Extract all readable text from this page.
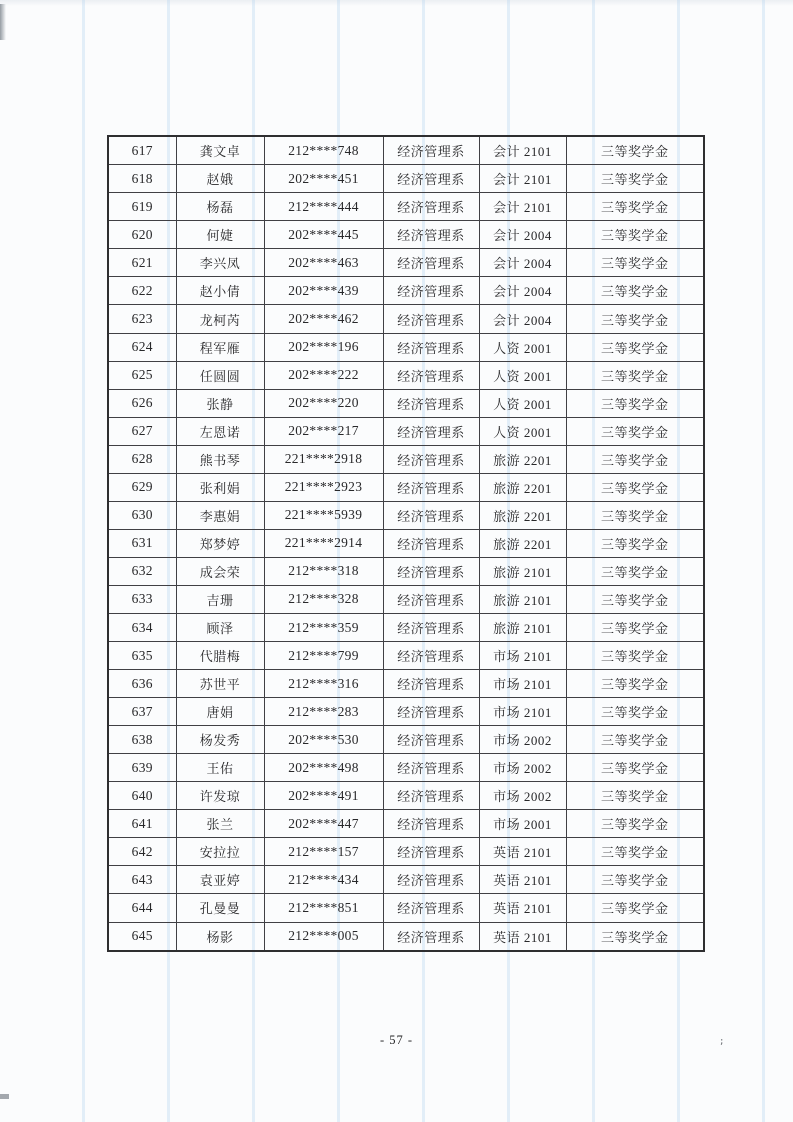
617	龚文卓	212****748	经济管理系	会计 2101	三等奖学金
618	赵娥	202****451	经济管理系	会计 2101	三等奖学金
619	杨磊	212****444	经济管理系	会计 2101	三等奖学金
620	何婕	202****445	经济管理系	会计 2004	三等奖学金
621	李兴凤	202****463	经济管理系	会计 2004	三等奖学金
622	赵小倩	202****439	经济管理系	会计 2004	三等奖学金
623	龙柯芮	202****462	经济管理系	会计 2004	三等奖学金
624	程军雁	202****196	经济管理系	人资 2001	三等奖学金
625	任圆圆	202****222	经济管理系	人资 2001	三等奖学金
626	张静	202****220	经济管理系	人资 2001	三等奖学金
627	左恩诺	202****217	经济管理系	人资 2001	三等奖学金
628	熊书琴	221****2918	经济管理系	旅游 2201	三等奖学金
629	张利娟	221****2923	经济管理系	旅游 2201	三等奖学金
630	李惠娟	221****5939	经济管理系	旅游 2201	三等奖学金
631	郑梦婷	221****2914	经济管理系	旅游 2201	三等奖学金
632	成会荣	212****318	经济管理系	旅游 2101	三等奖学金
633	吉珊	212****328	经济管理系	旅游 2101	三等奖学金
634	顾泽	212****359	经济管理系	旅游 2101	三等奖学金
635	代腊梅	212****799	经济管理系	市场 2101	三等奖学金
636	苏世平	212****316	经济管理系	市场 2101	三等奖学金
637	唐娟	212****283	经济管理系	市场 2101	三等奖学金
638	杨发秀	202****530	经济管理系	市场 2002	三等奖学金
639	王佑	202****498	经济管理系	市场 2002	三等奖学金
640	许发琼	202****491	经济管理系	市场 2002	三等奖学金
641	张兰	202****447	经济管理系	市场 2001	三等奖学金
642	安拉拉	212****157	经济管理系	英语 2101	三等奖学金
643	袁亚婷	212****434	经济管理系	英语 2101	三等奖学金
644	孔曼曼	212****851	经济管理系	英语 2101	三等奖学金
645	杨影	212****005	经济管理系	英语 2101	三等奖学金
- 57 -	;
